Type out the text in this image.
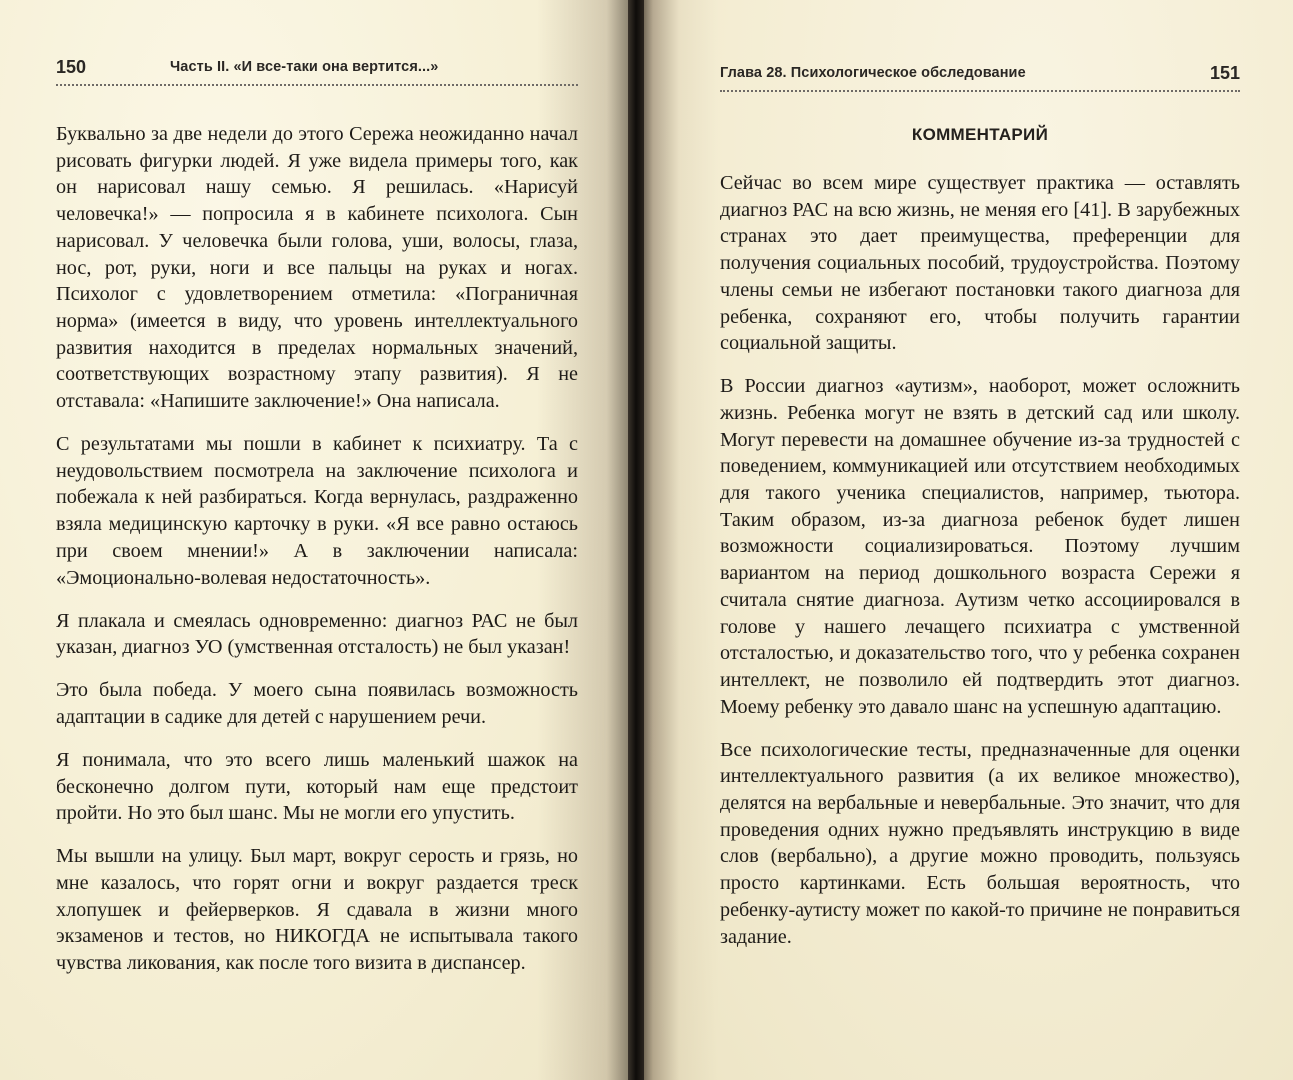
150	Часть II. «И все-таки она вертится...»

Буквально за две недели до этого Сережа неожиданно начал рисовать фигурки людей. Я уже видела примеры того, как он нарисовал нашу семью. Я решилась. «Нарисуй человечка!» — попросила я в кабинете психолога. Сын нарисовал. У человечка были голова, уши, волосы, глаза, нос, рот, руки, ноги и все пальцы на руках и ногах. Психолог с удовлетворением отметила: «Пограничная норма» (имеется в виду, что уровень интеллектуального развития находится в пределах нормальных значений, соответствующих возрастному этапу развития). Я не отставала: «Напишите заключение!» Она написала.

С результатами мы пошли в кабинет к психиатру. Та с неудовольствием посмотрела на заключение психолога и побежала к ней разбираться. Когда вернулась, раздраженно взяла медицинскую карточку в руки. «Я все равно остаюсь при своем мнении!» А в заключении написала: «Эмоционально-волевая недостаточность».

Я плакала и смеялась одновременно: диагноз РАС не был указан, диагноз УО (умственная отсталость) не был указан!

Это была победа. У моего сына появилась возможность адаптации в садике для детей с нарушением речи.

Я понимала, что это всего лишь маленький шажок на бесконечно долгом пути, который нам еще предстоит пройти. Но это был шанс. Мы не могли его упустить.

Мы вышли на улицу. Был март, вокруг серость и грязь, но мне казалось, что горят огни и вокруг раздается треск хлопушек и фейерверков. Я сдавала в жизни много экзаменов и тестов, но НИКОГДА не испытывала такого чувства ликования, как после того визита в диспансер.

Глава 28. Психологическое обследование	151
КОММЕНТАРИЙ

Сейчас во всем мире существует практика — оставлять диагноз РАС на всю жизнь, не меняя его [41]. В зарубежных странах это дает преимущества, преференции для получения социальных пособий, трудоустройства. Поэтому члены семьи не избегают постановки такого диагноза для ребенка, сохраняют его, чтобы получить гарантии социальной защиты.

В России диагноз «аутизм», наоборот, может осложнить жизнь. Ребенка могут не взять в детский сад или школу. Могут перевести на домашнее обучение из-за трудностей с поведением, коммуникацией или отсутствием необходимых для такого ученика специалистов, например, тьютора. Таким образом, из-за диагноза ребенок будет лишен возможности социализироваться. Поэтому лучшим вариантом на период дошкольного возраста Сережи я считала снятие диагноза. Аутизм четко ассоциировался в голове у нашего лечащего психиатра с умственной отсталостью, и доказательство того, что у ребенка сохранен интеллект, не позволило ей подтвердить этот диагноз. Моему ребенку это давало шанс на успешную адаптацию.

Все психологические тесты, предназначенные для оценки интеллектуального развития (а их великое множество), делятся на вербальные и невербальные. Это значит, что для проведения одних нужно предъявлять инструкцию в виде слов (вербально), а другие можно проводить, пользуясь просто картинками. Есть большая вероятность, что ребенку-аутисту может по какой-то причине не понравиться задание.
